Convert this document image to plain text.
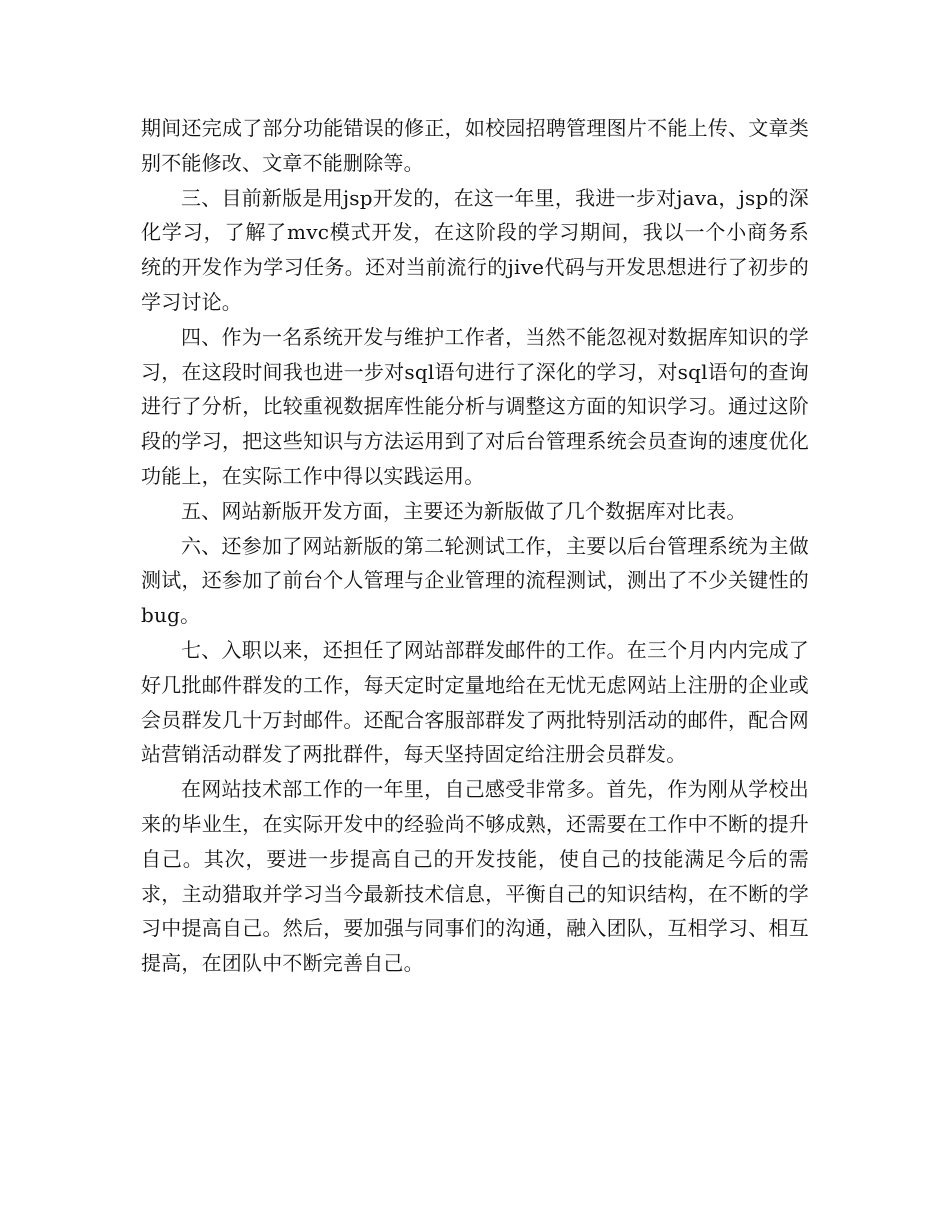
期间还完成了部分功能错误的修正，如校园招聘管理图片不能上传、文章类别不能修改、文章不能删除等。

三、目前新版是用jsp开发的，在这一年里，我进一步对java，jsp的深化学习，了解了mvc模式开发，在这阶段的学习期间，我以一个小商务系统的开发作为学习任务。还对当前流行的jive代码与开发思想进行了初步的学习讨论。

四、作为一名系统开发与维护工作者，当然不能忽视对数据库知识的学习，在这段时间我也进一步对sql语句进行了深化的学习，对sql语句的查询进行了分析，比较重视数据库性能分析与调整这方面的知识学习。通过这阶段的学习，把这些知识与方法运用到了对后台管理系统会员查询的速度优化功能上，在实际工作中得以实践运用。

五、网站新版开发方面，主要还为新版做了几个数据库对比表。

六、还参加了网站新版的第二轮测试工作，主要以后台管理系统为主做测试，还参加了前台个人管理与企业管理的流程测试，测出了不少关键性的bug。

七、入职以来，还担任了网站部群发邮件的工作。在三个月内内完成了好几批邮件群发的工作，每天定时定量地给在无忧无虑网站上注册的企业或会员群发几十万封邮件。还配合客服部群发了两批特别活动的邮件，配合网站营销活动群发了两批群件，每天坚持固定给注册会员群发。

在网站技术部工作的一年里，自己感受非常多。首先，作为刚从学校出来的毕业生，在实际开发中的经验尚不够成熟，还需要在工作中不断的提升自己。其次，要进一步提高自己的开发技能，使自己的技能满足今后的需求，主动猎取并学习当今最新技术信息，平衡自己的知识结构，在不断的学习中提高自己。然后，要加强与同事们的沟通，融入团队，互相学习、相互提高，在团队中不断完善自己。
